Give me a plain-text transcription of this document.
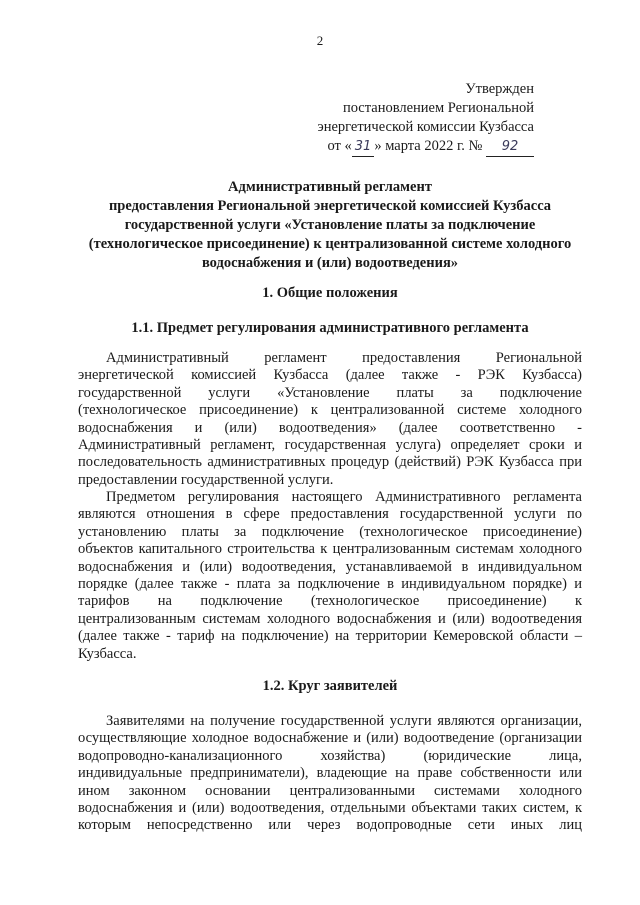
2
Утвержден
постановлением Региональной
энергетической комиссии Кузбасса
от « 31 » марта 2022 г. № 92
Административный регламент
предоставления Региональной энергетической комиссией Кузбасса
государственной услуги «Установление платы за подключение
(технологическое присоединение) к централизованной системе холодного
водоснабжения и (или) водоотведения»
1. Общие положения
1.1. Предмет регулирования административного регламента
Административный регламент предоставления Региональной
энергетической комиссией Кузбасса (далее также - РЭК Кузбасса)
государственной услуги «Установление платы за подключение
(технологическое присоединение) к централизованной системе холодного
водоснабжения и (или) водоотведения» (далее соответственно -
Административный регламент, государственная услуга) определяет сроки и
последовательность административных процедур (действий) РЭК Кузбасса при
предоставлении государственной услуги.
Предметом регулирования настоящего Административного регламента
являются отношения в сфере предоставления государственной услуги по
установлению платы за подключение (технологическое присоединение)
объектов капитального строительства к централизованным системам холодного
водоснабжения и (или) водоотведения, устанавливаемой в индивидуальном
порядке (далее также - плата за подключение в индивидуальном порядке) и
тарифов на подключение (технологическое присоединение) к
централизованным системам холодного водоснабжения и (или) водоотведения
(далее также - тариф на подключение) на территории Кемеровской области –
Кузбасса.
1.2. Круг заявителей
Заявителями на получение государственной услуги являются организации,
осуществляющие холодное водоснабжение и (или) водоотведение (организации
водопроводно-канализационного хозяйства) (юридические лица,
индивидуальные предприниматели), владеющие на праве собственности или
ином законном основании централизованными системами холодного
водоснабжения и (или) водоотведения, отдельными объектами таких систем, к
которым непосредственно или через водопроводные сети иных лиц
